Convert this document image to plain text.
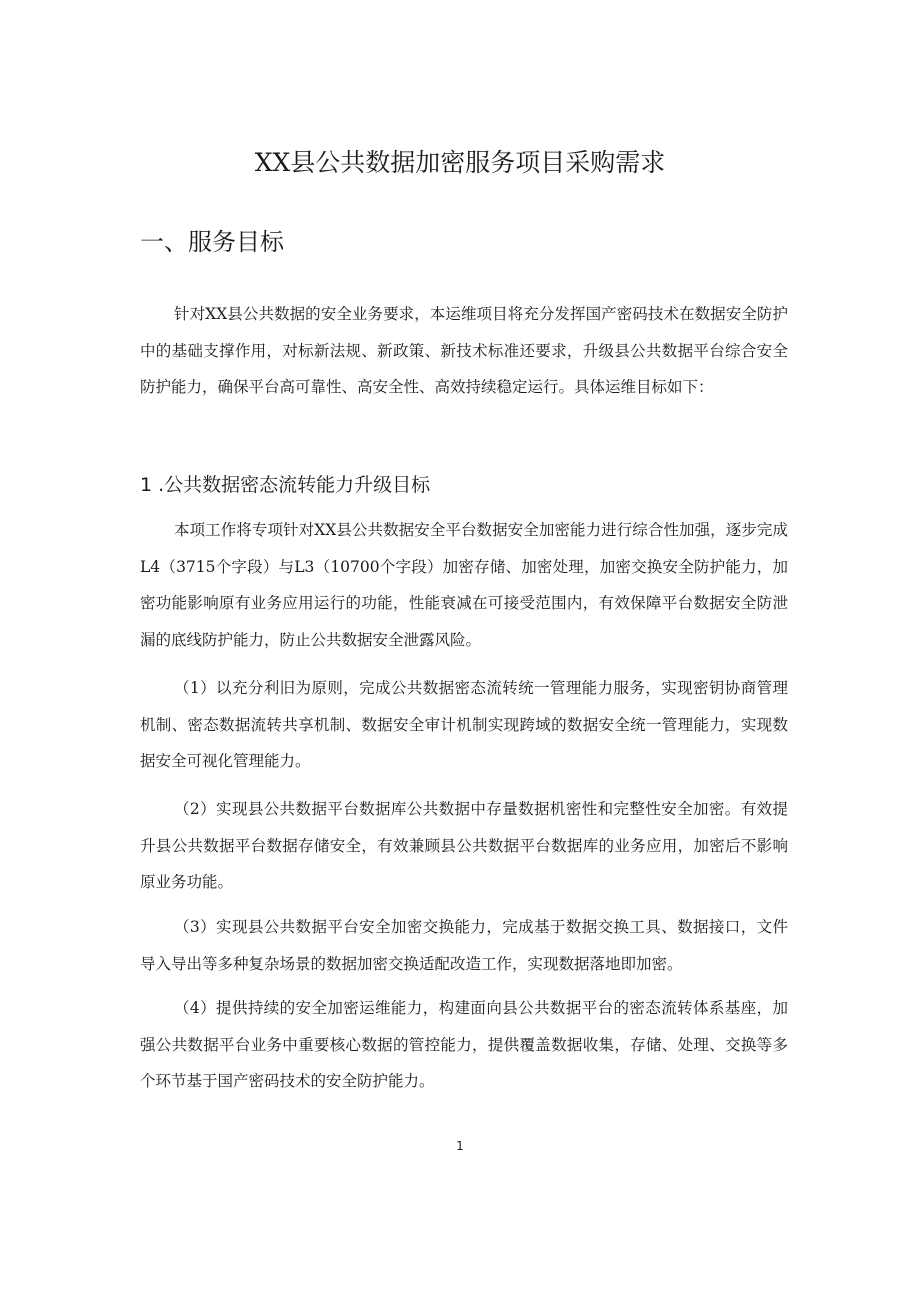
XX县公共数据加密服务项目采购需求
一、服务目标

针对XX县公共数据的安全业务要求，本运维项目将充分发挥国产密码技术在数据安全防护中的基础支撑作用，对标新法规、新政策、新技术标准还要求，升级县公共数据平台综合安全防护能力，确保平台高可靠性、高安全性、高效持续稳定运行。具体运维目标如下：

1 .公共数据密态流转能力升级目标

本项工作将专项针对XX县公共数据安全平台数据安全加密能力进行综合性加强，逐步完成L4（3715个字段）与L3（10700个字段）加密存储、加密处理，加密交换安全防护能力，加密功能影响原有业务应用运行的功能，性能衰减在可接受范围内，有效保障平台数据安全防泄漏的底线防护能力，防止公共数据安全泄露风险。

（1）以充分利旧为原则，完成公共数据密态流转统一管理能力服务，实现密钥协商管理机制、密态数据流转共享机制、数据安全审计机制实现跨域的数据安全统一管理能力，实现数据安全可视化管理能力。

（2）实现县公共数据平台数据库公共数据中存量数据机密性和完整性安全加密。有效提升县公共数据平台数据存储安全，有效兼顾县公共数据平台数据库的业务应用，加密后不影响原业务功能。

（3）实现县公共数据平台安全加密交换能力，完成基于数据交换工具、数据接口，文件导入导出等多种复杂场景的数据加密交换适配改造工作，实现数据落地即加密。

（4）提供持续的安全加密运维能力，构建面向县公共数据平台的密态流转体系基座，加强公共数据平台业务中重要核心数据的管控能力，提供覆盖数据收集，存储、处理、交换等多个环节基于国产密码技术的安全防护能力。

1
